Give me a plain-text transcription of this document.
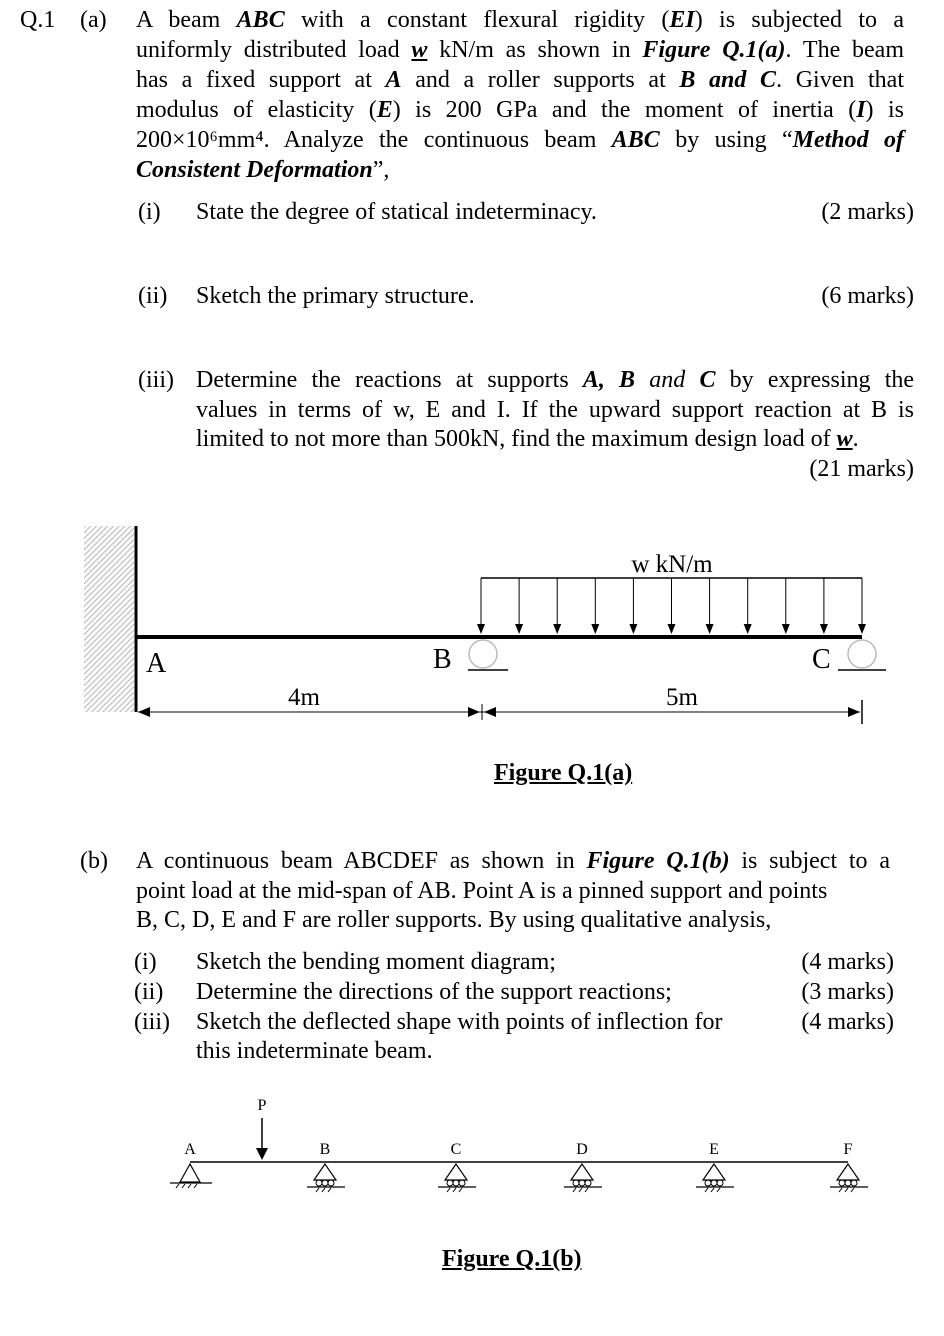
Q.1 (a) A beam ABC with a constant flexural rigidity (EI) is subjected to a
uniformly distributed load w kN/m as shown in Figure Q.1(a). The beam
has a fixed support at A and a roller supports at B and C. Given that
modulus of elasticity (E) is 200 GPa and the moment of inertia (I) is
200×10⁶mm⁴. Analyze the continuous beam ABC by using “Method of
Consistent Deformation”,
(i) State the degree of statical indeterminacy.	(2 marks)
(ii) Sketch the primary structure.	(6 marks)
(iii) Determine the reactions at supports A, B and C by expressing the
values in terms of w, E and I. If the upward support reaction at B is
limited to not more than 500kN, find the maximum design load of w.
(21 marks)
w kN/m
A	B	C
4m	5m
Figure Q.1(a)
(b) A continuous beam ABCDEF as shown in Figure Q.1(b) is subject to a
point load at the mid-span of AB. Point A is a pinned support and points
B, C, D, E and F are roller supports. By using qualitative analysis,
(i) Sketch the bending moment diagram;	(4 marks)
(ii) Determine the directions of the support reactions;	(3 marks)
(iii) Sketch the deflected shape with points of inflection for	(4 marks)
this indeterminate beam.
P
A	B	C	D	E	F
Figure Q.1(b)
